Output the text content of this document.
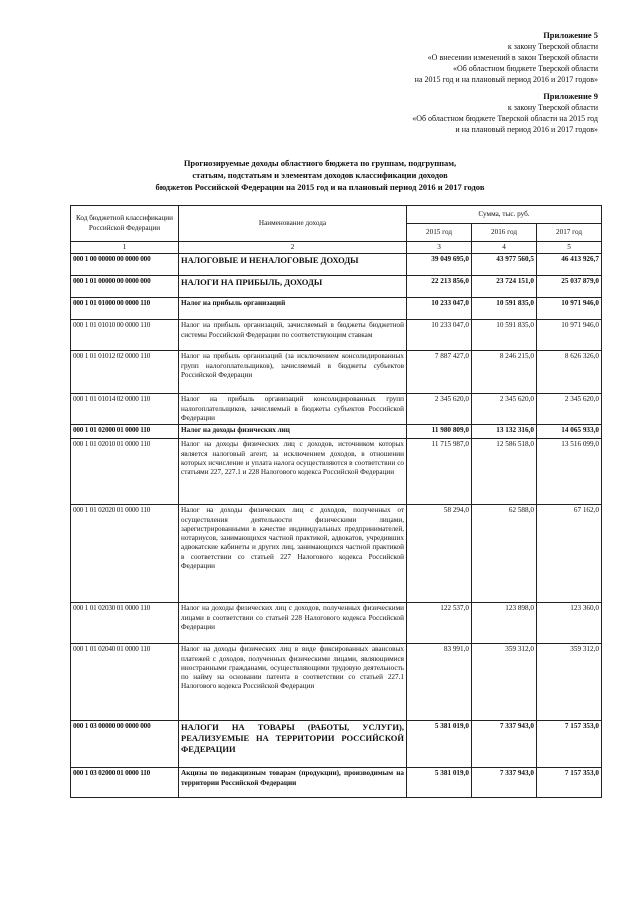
Приложение 5
к закону Тверской области
«О внесении изменений в закон Тверской области
«Об областном бюджете Тверской области
на 2015 год и на плановый период 2016 и 2017 годов»
Приложение 9
к закону Тверской области
«Об областном бюджете Тверской области на 2015 год
и на плановый период 2016 и 2017 годов»
Прогнозируемые доходы областного бюджета по группам, подгруппам,
статьям, подстатьям и элементам доходов классификации доходов
бюджетов Российской Федерации на 2015 год и на плановый период 2016 и 2017 годов
Код бюджетной классификации Российской Федерации	Наименование дохода	Сумма, тыс. руб.		
		2015 год	2016 год	2017 год
1	2	3	4	5
000 1 00 00000 00 0000 000	НАЛОГОВЫЕ И НЕНАЛОГОВЫЕ ДОХОДЫ	39 049 695,0	43 977 560,5	46 413 926,7
000 1 01 00000 00 0000 000	НАЛОГИ НА ПРИБЫЛЬ, ДОХОДЫ	22 213 856,0	23 724 151,0	25 037 879,0
000 1 01 01000 00 0000 110	Налог на прибыль организаций	10 233 047,0	10 591 835,0	10 971 946,0
000 1 01 01010 00 0000 110	Налог на прибыль организаций, зачисляемый в бюджеты бюджетной системы Российской Федерации по соответствующим ставкам	10 233 047,0	10 591 835,0	10 971 946,0
000 1 01 01012 02 0000 110	Налог на прибыль организаций (за исключением консолидированных групп налогоплательщиков), зачисляемый в бюджеты субъектов Российской Федерации	7 887 427,0	8 246 215,0	8 626 326,0
000 1 01 01014 02 0000 110	Налог на прибыль организаций консолидированных групп налогоплательщиков, зачисляемый в бюджеты субъектов Российской Федерации	2 345 620,0	2 345 620,0	2 345 620,0
000 1 01 02000 01 0000 110	Налог на доходы физических лиц	11 980 809,0	13 132 316,0	14 065 933,0
000 1 01 02010 01 0000 110	Налог на доходы физических лиц с доходов, источником которых является налоговый агент, за исключением доходов, в отношении которых исчисление и уплата налога осуществляются в соответствии со статьями 227, 227.1 и 228 Налогового кодекса Российской Федерации	11 715 987,0	12 586 518,0	13 516 099,0
000 1 01 02020 01 0000 110	Налог на доходы физических лиц с доходов, полученных от осуществления деятельности физическими лицами, зарегистрированными в качестве индивидуальных предпринимателей, нотариусов, занимающихся частной практикой, адвокатов, учредивших адвокатские кабинеты и других лиц, занимающихся частной практикой в соответствии со статьей 227 Налогового кодекса Российской Федерации	58 294,0	62 588,0	67 162,0
000 1 01 02030 01 0000 110	Налог на доходы физических лиц с доходов, полученных физическими лицами в соответствии со статьей 228 Налогового кодекса Российской Федерации	122 537,0	123 898,0	123 360,0
000 1 01 02040 01 0000 110	Налог на доходы физических лиц в виде фиксированных авансовых платежей с доходов, полученных физическими лицами, являющимися иностранными гражданами, осуществляющими трудовую деятельность по найму на основании патента в соответствии со статьей 227.1 Налогового кодекса Российской Федерации	83 991,0	359 312,0	359 312,0
000 1 03 00000 00 0000 000	НАЛОГИ НА ТОВАРЫ (РАБОТЫ, УСЛУГИ), РЕАЛИЗУЕМЫЕ НА ТЕРРИТОРИИ РОССИЙСКОЙ ФЕДЕРАЦИИ	5 381 019,0	7 337 943,0	7 157 353,0
000 1 03 02000 01 0000 110	Акцизы по подакцизным товарам (продукции), производимым на территории Российской Федерации	5 381 019,0	7 337 943,0	7 157 353,0
